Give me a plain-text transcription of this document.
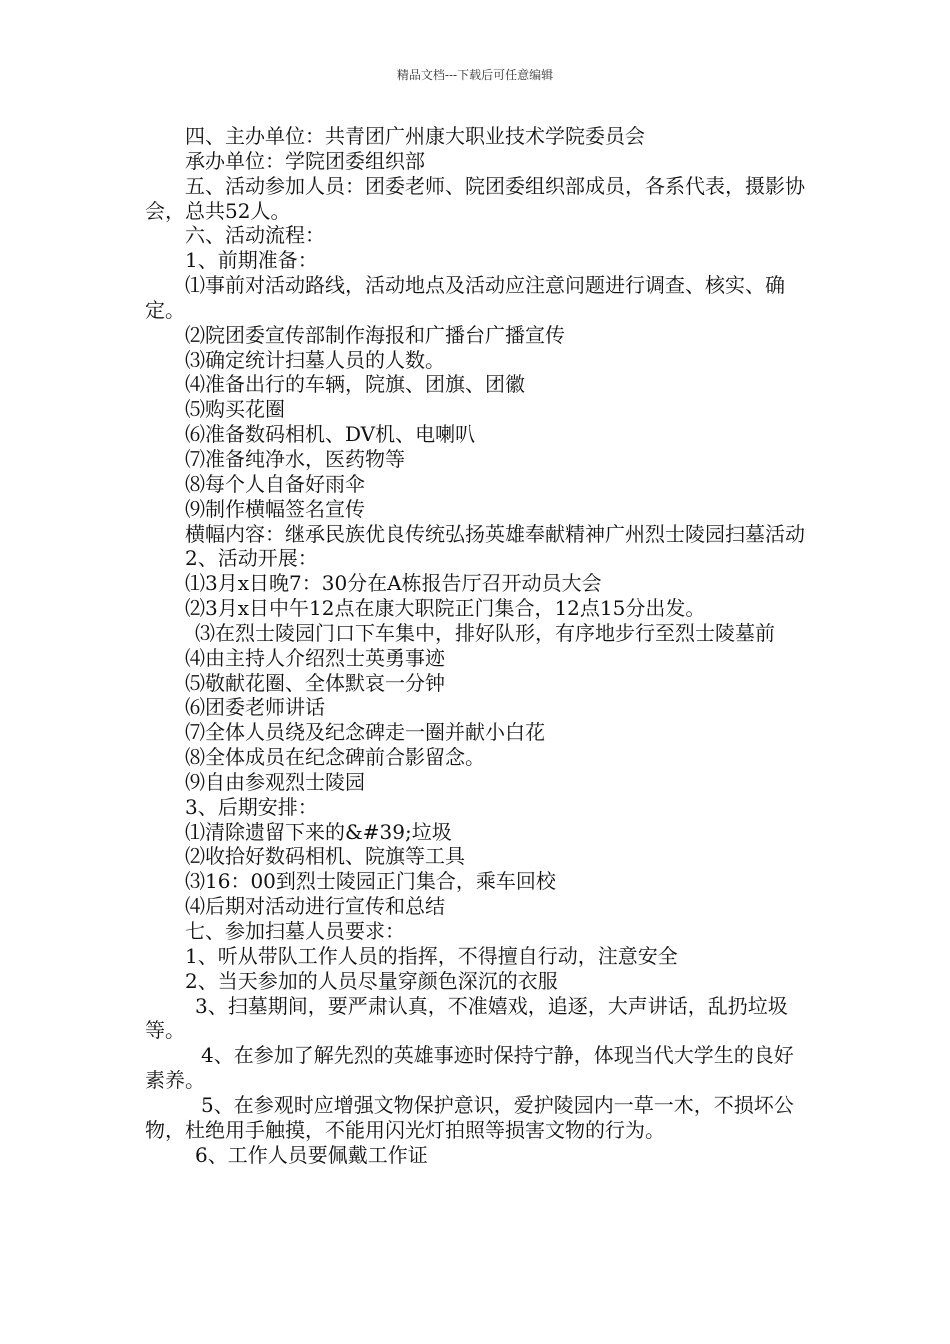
精品文档---下载后可任意编辑

四、主办单位：共青团广州康大职业技术学院委员会

承办单位：学院团委组织部

五、活动参加人员：团委老师、院团委组织部成员，各系代表，摄影协会，总共52人。

六、活动流程：

1、前期准备：

⑴事前对活动路线，活动地点及活动应注意问题进行调查、核实、确定。

⑵院团委宣传部制作海报和广播台广播宣传

⑶确定统计扫墓人员的人数。

⑷准备出行的车辆，院旗、团旗、团徽

⑸购买花圈

⑹准备数码相机、DV机、电喇叭

⑺准备纯净水，医药物等

⑻每个人自备好雨伞

⑼制作横幅签名宣传

横幅内容：继承民族优良传统弘扬英雄奉献精神广州烈士陵园扫墓活动

2、活动开展：

⑴3月x日晚7：30分在A栋报告厅召开动员大会

⑵3月x日中午12点在康大职院正门集合，12点15分出发。

⑶在烈士陵园门口下车集中，排好队形，有序地步行至烈士陵墓前

⑷由主持人介绍烈士英勇事迹

⑸敬献花圈、全体默哀一分钟

⑹团委老师讲话

⑺全体人员绕及纪念碑走一圈并献小白花

⑻全体成员在纪念碑前合影留念。

⑼自由参观烈士陵园

3、后期安排：

⑴清除遗留下来的&#39;垃圾

⑵收拾好数码相机、院旗等工具

⑶16：00到烈士陵园正门集合，乘车回校

⑷后期对活动进行宣传和总结

七、参加扫墓人员要求：

1、听从带队工作人员的指挥，不得擅自行动，注意安全

2、当天参加的人员尽量穿颜色深沉的衣服

3、扫墓期间，要严肃认真，不准嬉戏，追逐，大声讲话，乱扔垃圾等。

4、在参加了解先烈的英雄事迹时保持宁静，体现当代大学生的良好素养。

5、在参观时应增强文物保护意识，爱护陵园内一草一木，不损坏公物，杜绝用手触摸，不能用闪光灯拍照等损害文物的行为。

6、工作人员要佩戴工作证
